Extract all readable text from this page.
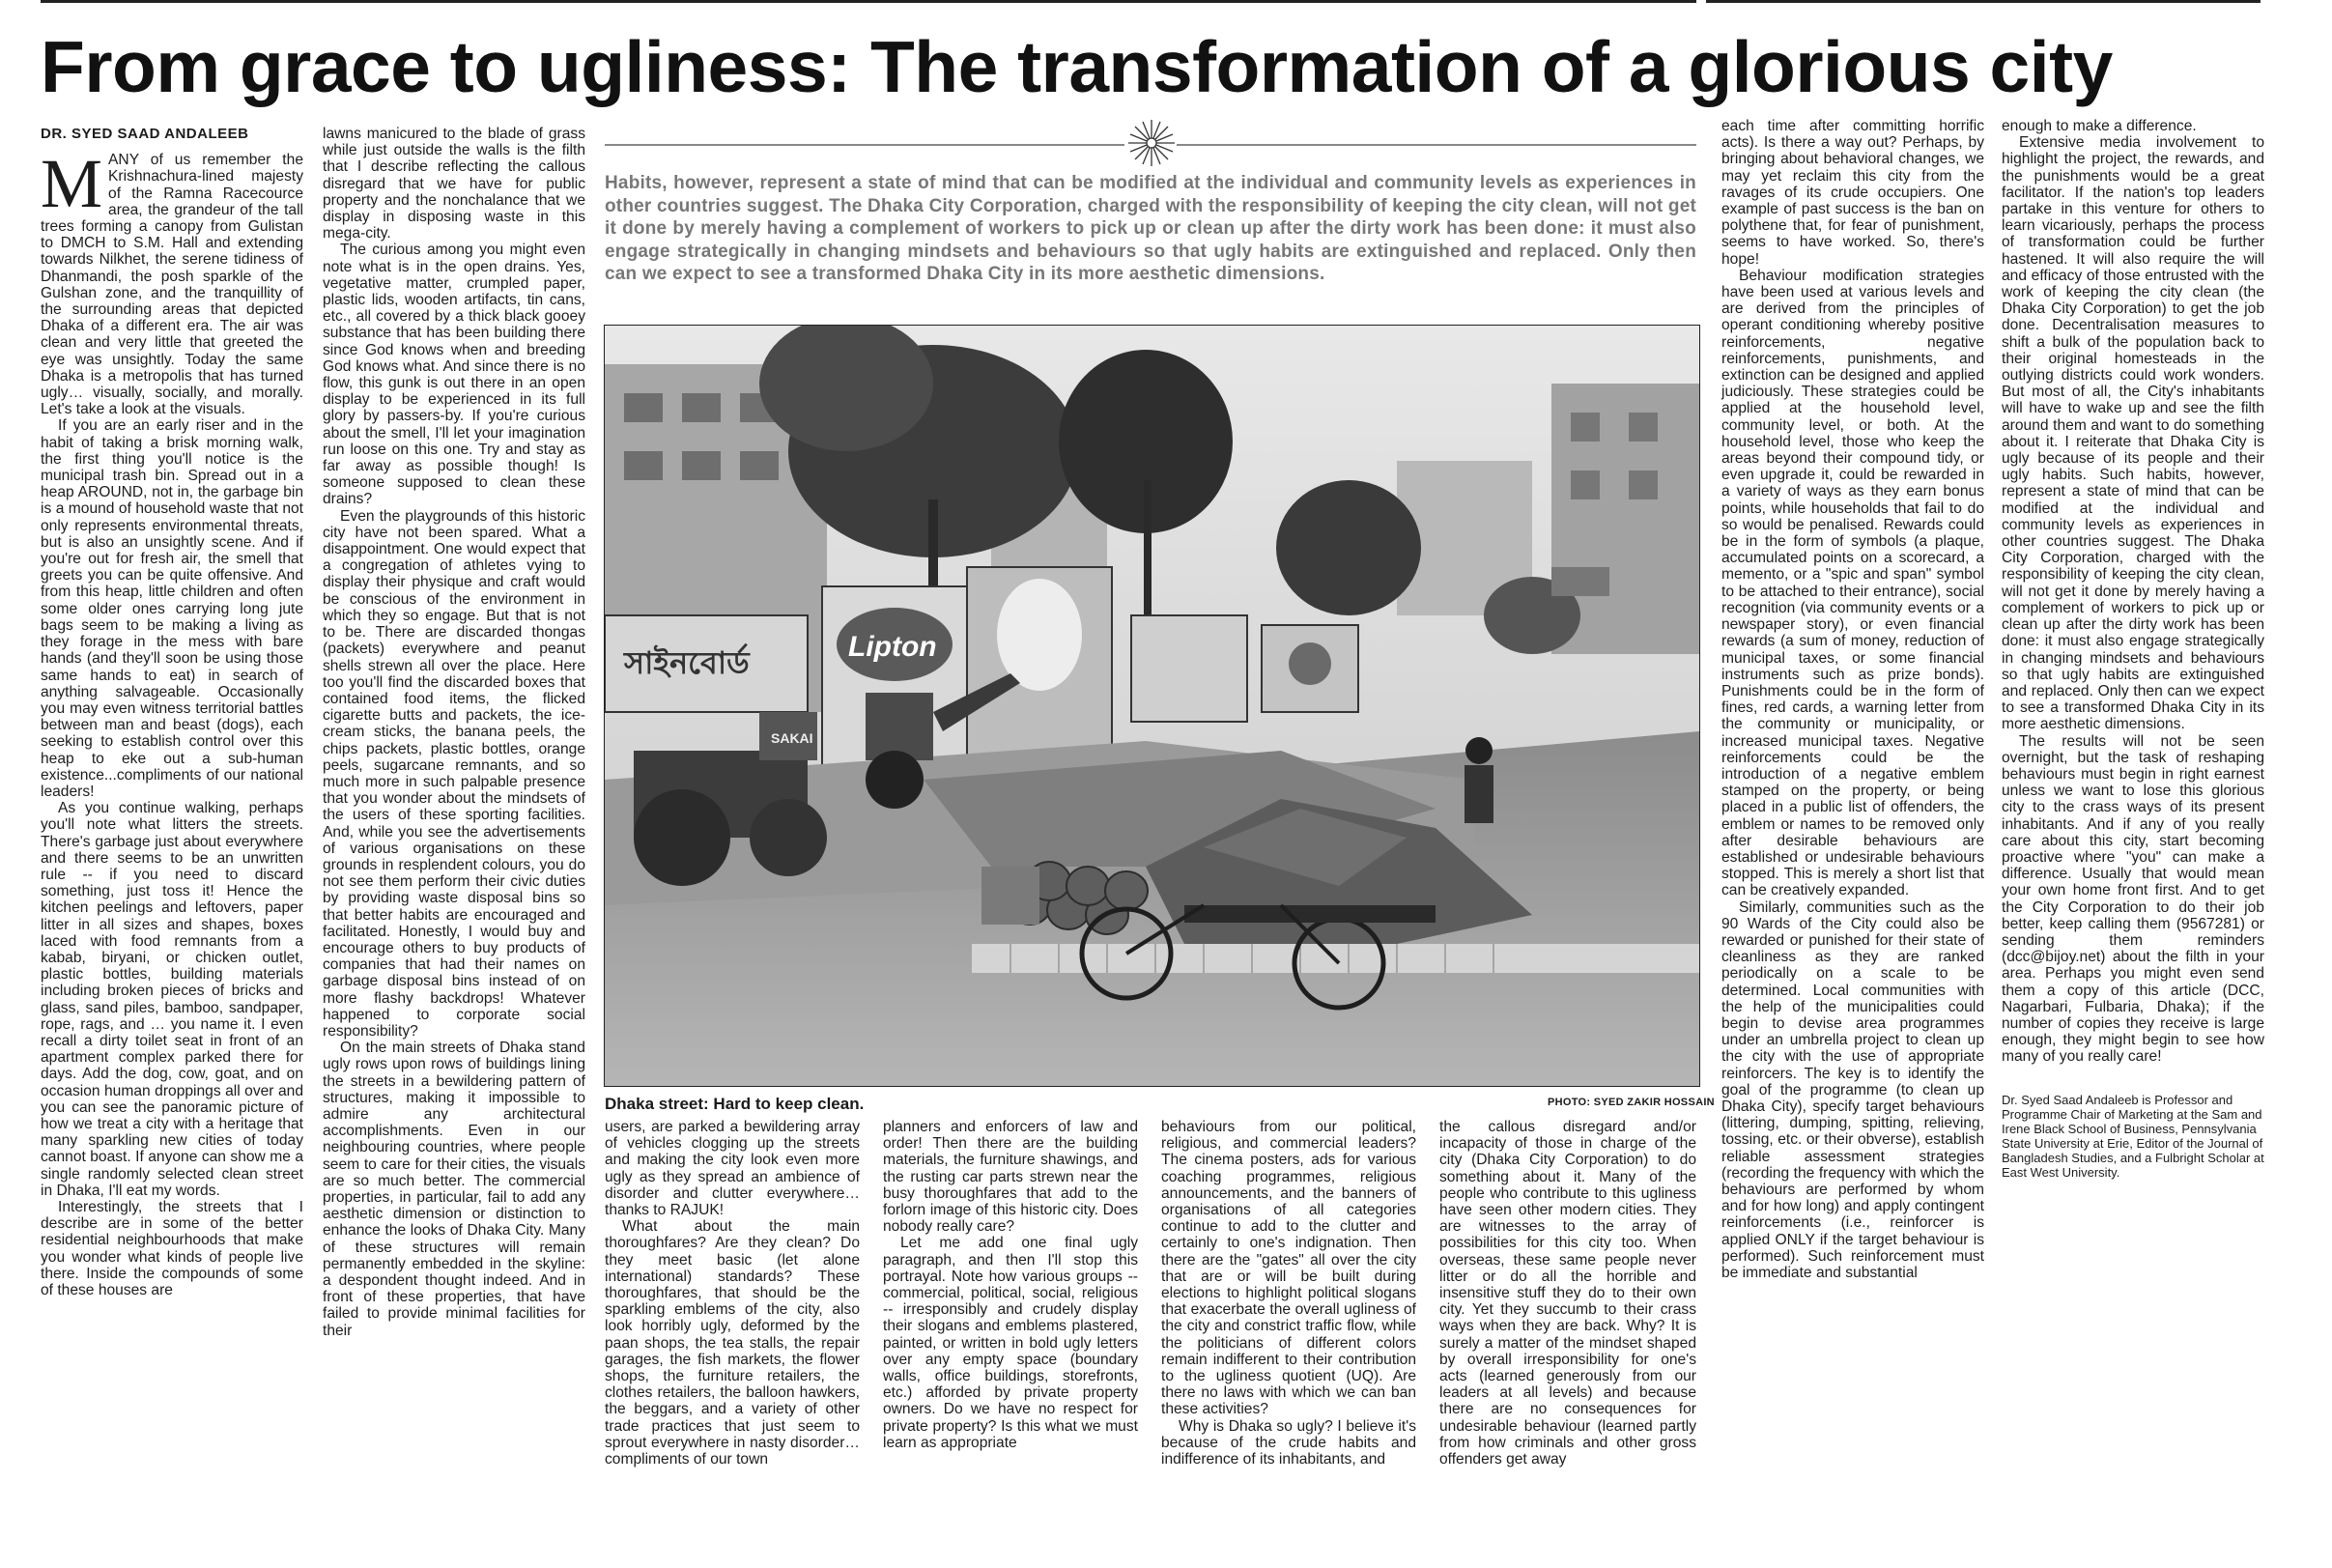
From grace to ugliness: The transformation of a glorious city
DR. SYED SAAD ANDALEEB

MANY of us remember the Krishnachura-lined majesty of the Ramna Racecource area, the grandeur of the tall trees forming a canopy from Gulistan to DMCH to S.M. Hall and extending towards Nilkhet, the serene tidiness of Dhanmandi, the posh sparkle of the Gulshan zone, and the tranquillity of the surrounding areas that depicted Dhaka of a different era. The air was clean and very little that greeted the eye was unsightly. Today the same Dhaka is a metropolis that has turned ugly… visually, socially, and morally. Let's take a look at the visuals.

If you are an early riser and in the habit of taking a brisk morning walk, the first thing you'll notice is the municipal trash bin. Spread out in a heap AROUND, not in, the garbage bin is a mound of household waste that not only represents environmental threats, but is also an unsightly scene. And if you're out for fresh air, the smell that greets you can be quite offensive. And from this heap, little children and often some older ones carrying long jute bags seem to be making a living as they forage in the mess with bare hands (and they'll soon be using those same hands to eat) in search of anything salvageable. Occasionally you may even witness territorial battles between man and beast (dogs), each seeking to establish control over this heap to eke out a sub-human existence...compliments of our national leaders!

As you continue walking, perhaps you'll note what litters the streets. There's garbage just about everywhere and there seems to be an unwritten rule -- if you need to discard something, just toss it! Hence the kitchen peelings and leftovers, paper litter in all sizes and shapes, boxes laced with food remnants from a kabab, biryani, or chicken outlet, plastic bottles, building materials including broken pieces of bricks and glass, sand piles, bamboo, sandpaper, rope, rags, and … you name it. I even recall a dirty toilet seat in front of an apartment complex parked there for days. Add the dog, cow, goat, and on occasion human droppings all over and you can see the panoramic picture of how we treat a city with a heritage that many sparkling new cities of today cannot boast. If anyone can show me a single randomly selected clean street in Dhaka, I'll eat my words.

Interestingly, the streets that I describe are in some of the better residential neighbourhoods that make you wonder what kinds of people live there. Inside the compounds of some of these houses are

lawns manicured to the blade of grass while just outside the walls is the filth that I describe reflecting the callous disregard that we have for public property and the nonchalance that we display in disposing waste in this mega-city.

The curious among you might even note what is in the open drains. Yes, vegetative matter, crumpled paper, plastic lids, wooden artifacts, tin cans, etc., all covered by a thick black gooey substance that has been building there since God knows when and breeding God knows what. And since there is no flow, this gunk is out there in an open display to be experienced in its full glory by passers-by. If you're curious about the smell, I'll let your imagination run loose on this one. Try and stay as far away as possible though! Is someone supposed to clean these drains?

Even the playgrounds of this historic city have not been spared. What a disappointment. One would expect that a congregation of athletes vying to display their physique and craft would be conscious of the environment in which they so engage. But that is not to be. There are discarded thongas (packets) everywhere and peanut shells strewn all over the place. Here too you'll find the discarded boxes that contained food items, the flicked cigarette butts and packets, the ice-cream sticks, the banana peels, the chips packets, plastic bottles, orange peels, sugarcane remnants, and so much more in such palpable presence that you wonder about the mindsets of the users of these sporting facilities. And, while you see the advertisements of various organisations on these grounds in resplendent colours, you do not see them perform their civic duties by providing waste disposal bins so that better habits are encouraged and facilitated. Honestly, I would buy and encourage others to buy products of companies that had their names on garbage disposal bins instead of on more flashy backdrops! Whatever happened to corporate social responsibility?

On the main streets of Dhaka stand ugly rows upon rows of buildings lining the streets in a bewildering pattern of structures, making it impossible to admire any architectural accomplishments. Even in our neighbouring countries, where people seem to care for their cities, the visuals are so much better. The commercial properties, in particular, fail to add any aesthetic dimension or distinction to enhance the looks of Dhaka City. Many of these structures will remain permanently embedded in the skyline: a despondent thought indeed. And in front of these properties, that have failed to provide minimal facilities for their

Habits, however, represent a state of mind that can be modified at the individual and community levels as experiences in other countries suggest. The Dhaka City Corporation, charged with the responsibility of keeping the city clean, will not get it done by merely having a complement of workers to pick up or clean up after the dirty work has been done: it must also engage strategically in changing mindsets and behaviours so that ugly habits are extinguished and replaced. Only then can we expect to see a transformed Dhaka City in its more aesthetic dimensions.
সাইনবোর্ড	Lipton
SAKAI
Dhaka street: Hard to keep clean.	PHOTO: SYED ZAKIR HOSSAIN

users, are parked a bewildering array of vehicles clogging up the streets and making the city look even more ugly as they spread an ambience of disorder and clutter everywhere…thanks to RAJUK!

What about the main thoroughfares? Are they clean? Do they meet basic (let alone international) standards? These thoroughfares, that should be the sparkling emblems of the city, also look horribly ugly, deformed by the paan shops, the tea stalls, the repair garages, the fish markets, the flower shops, the furniture retailers, the clothes retailers, the balloon hawkers, the beggars, and a variety of other trade practices that just seem to sprout everywhere in nasty disorder…compliments of our town

planners and enforcers of law and order! Then there are the building materials, the furniture shawings, and the rusting car parts strewn near the busy thoroughfares that add to the forlorn image of this historic city. Does nobody really care?

Let me add one final ugly paragraph, and then I'll stop this portrayal. Note how various groups -- commercial, political, social, religious -- irresponsibly and crudely display their slogans and emblems plastered, painted, or written in bold ugly letters over any empty space (boundary walls, office buildings, storefronts, etc.) afforded by private property owners. Do we have no respect for private property? Is this what we must learn as appropriate

behaviours from our political, religious, and commercial leaders? The cinema posters, ads for various coaching programmes, religious announcements, and the banners of organisations of all categories continue to add to the clutter and certainly to one's indignation. Then there are the "gates" all over the city that are or will be built during elections to highlight political slogans that exacerbate the overall ugliness of the city and constrict traffic flow, while the politicians of different colors remain indifferent to their contribution to the ugliness quotient (UQ). Are there no laws with which we can ban these activities?

Why is Dhaka so ugly? I believe it's because of the crude habits and indifference of its inhabitants, and

the callous disregard and/or incapacity of those in charge of the city (Dhaka City Corporation) to do something about it. Many of the people who contribute to this ugliness have seen other modern cities. They are witnesses to the array of possibilities for this city too. When overseas, these same people never litter or do all the horrible and insensitive stuff they do to their own city. Yet they succumb to their crass ways when they are back. Why? It is surely a matter of the mindset shaped by overall irresponsibility for one's acts (learned generously from our leaders at all levels) and because there are no consequences for undesirable behaviour (learned partly from how criminals and other gross offenders get away

each time after committing horrific acts). Is there a way out? Perhaps, by bringing about behavioral changes, we may yet reclaim this city from the ravages of its crude occupiers. One example of past success is the ban on polythene that, for fear of punishment, seems to have worked. So, there's hope!

Behaviour modification strategies have been used at various levels and are derived from the principles of operant conditioning whereby positive reinforcements, negative reinforcements, punishments, and extinction can be designed and applied judiciously. These strategies could be applied at the household level, community level, or both. At the household level, those who keep the areas beyond their compound tidy, or even upgrade it, could be rewarded in a variety of ways as they earn bonus points, while households that fail to do so would be penalised. Rewards could be in the form of symbols (a plaque, accumulated points on a scorecard, a memento, or a "spic and span" symbol to be attached to their entrance), social recognition (via community events or a newspaper story), or even financial rewards (a sum of money, reduction of municipal taxes, or some financial instruments such as prize bonds). Punishments could be in the form of fines, red cards, a warning letter from the community or municipality, or increased municipal taxes. Negative reinforcements could be the introduction of a negative emblem stamped on the property, or being placed in a public list of offenders, the emblem or names to be removed only after desirable behaviours are established or undesirable behaviours stopped. This is merely a short list that can be creatively expanded.

Similarly, communities such as the 90 Wards of the City could also be rewarded or punished for their state of cleanliness as they are ranked periodically on a scale to be determined. Local communities with the help of the municipalities could begin to devise area programmes under an umbrella project to clean up the city with the use of appropriate reinforcers. The key is to identify the goal of the programme (to clean up Dhaka City), specify target behaviours (littering, dumping, spitting, relieving, tossing, etc. or their obverse), establish reliable assessment strategies (recording the frequency with which the behaviours are performed by whom and for how long) and apply contingent reinforcements (i.e., reinforcer is applied ONLY if the target behaviour is performed). Such reinforcement must be immediate and substantial

enough to make a difference.

Extensive media involvement to highlight the project, the rewards, and the punishments would be a great facilitator. If the nation's top leaders partake in this venture for others to learn vicariously, perhaps the process of transformation could be further hastened. It will also require the will and efficacy of those entrusted with the work of keeping the city clean (the Dhaka City Corporation) to get the job done. Decentralisation measures to shift a bulk of the population back to their original homesteads in the outlying districts could work wonders. But most of all, the City's inhabitants will have to wake up and see the filth around them and want to do something about it. I reiterate that Dhaka City is ugly because of its people and their ugly habits. Such habits, however, represent a state of mind that can be modified at the individual and community levels as experiences in other countries suggest. The Dhaka City Corporation, charged with the responsibility of keeping the city clean, will not get it done by merely having a complement of workers to pick up or clean up after the dirty work has been done: it must also engage strategically in changing mindsets and behaviours so that ugly habits are extinguished and replaced. Only then can we expect to see a transformed Dhaka City in its more aesthetic dimensions.

The results will not be seen overnight, but the task of reshaping behaviours must begin in right earnest unless we want to lose this glorious city to the crass ways of its present inhabitants. And if any of you really care about this city, start becoming proactive where "you" can make a difference. Usually that would mean your own home front first. And to get the City Corporation to do their job better, keep calling them (9567281) or sending them reminders (dcc@bijoy.net) about the filth in your area. Perhaps you might even send them a copy of this article (DCC, Nagarbari, Fulbaria, Dhaka); if the number of copies they receive is large enough, they might begin to see how many of you really care!

Dr. Syed Saad Andaleeb is Professor and Programme Chair of Marketing at the Sam and Irene Black School of Business, Pennsylvania State University at Erie, Editor of the Journal of Bangladesh Studies, and a Fulbright Scholar at East West University.
